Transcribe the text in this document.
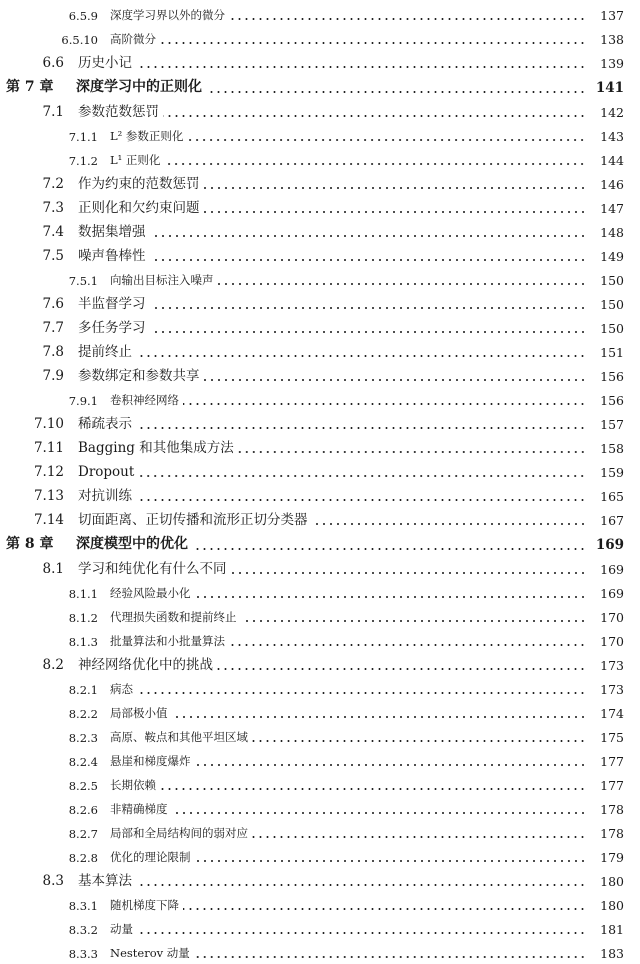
6.5.9	深度学习界以外的微分	137
6.5.10	高阶微分	138
6.6	历史小记	139
第 7 章	深度学习中的正则化	141
7.1	参数范数惩罚	142
7.1.1	L² 参数正则化	143
7.1.2	L¹ 正则化	144
7.2	作为约束的范数惩罚	146
7.3	正则化和欠约束问题	147
7.4	数据集增强	148
7.5	噪声鲁棒性	149
7.5.1	向输出目标注入噪声	150
7.6	半监督学习	150
7.7	多任务学习	150
7.8	提前终止	151
7.9	参数绑定和参数共享	156
7.9.1	卷积神经网络	156
7.10	稀疏表示	157
7.11	Bagging 和其他集成方法	158
7.12	Dropout	159
7.13	对抗训练	165
7.14	切面距离、正切传播和流形正切分类器	167
第 8 章	深度模型中的优化	169
8.1	学习和纯优化有什么不同	169
8.1.1	经验风险最小化	169
8.1.2	代理损失函数和提前终止	170
8.1.3	批量算法和小批量算法	170
8.2	神经网络优化中的挑战	173
8.2.1	病态	173
8.2.2	局部极小值	174
8.2.3	高原、鞍点和其他平坦区域	175
8.2.4	悬崖和梯度爆炸	177
8.2.5	长期依赖	177
8.2.6	非精确梯度	178
8.2.7	局部和全局结构间的弱对应	178
8.2.8	优化的理论限制	179
8.3	基本算法	180
8.3.1	随机梯度下降	180
8.3.2	动量	181
8.3.3	Nesterov 动量	183
